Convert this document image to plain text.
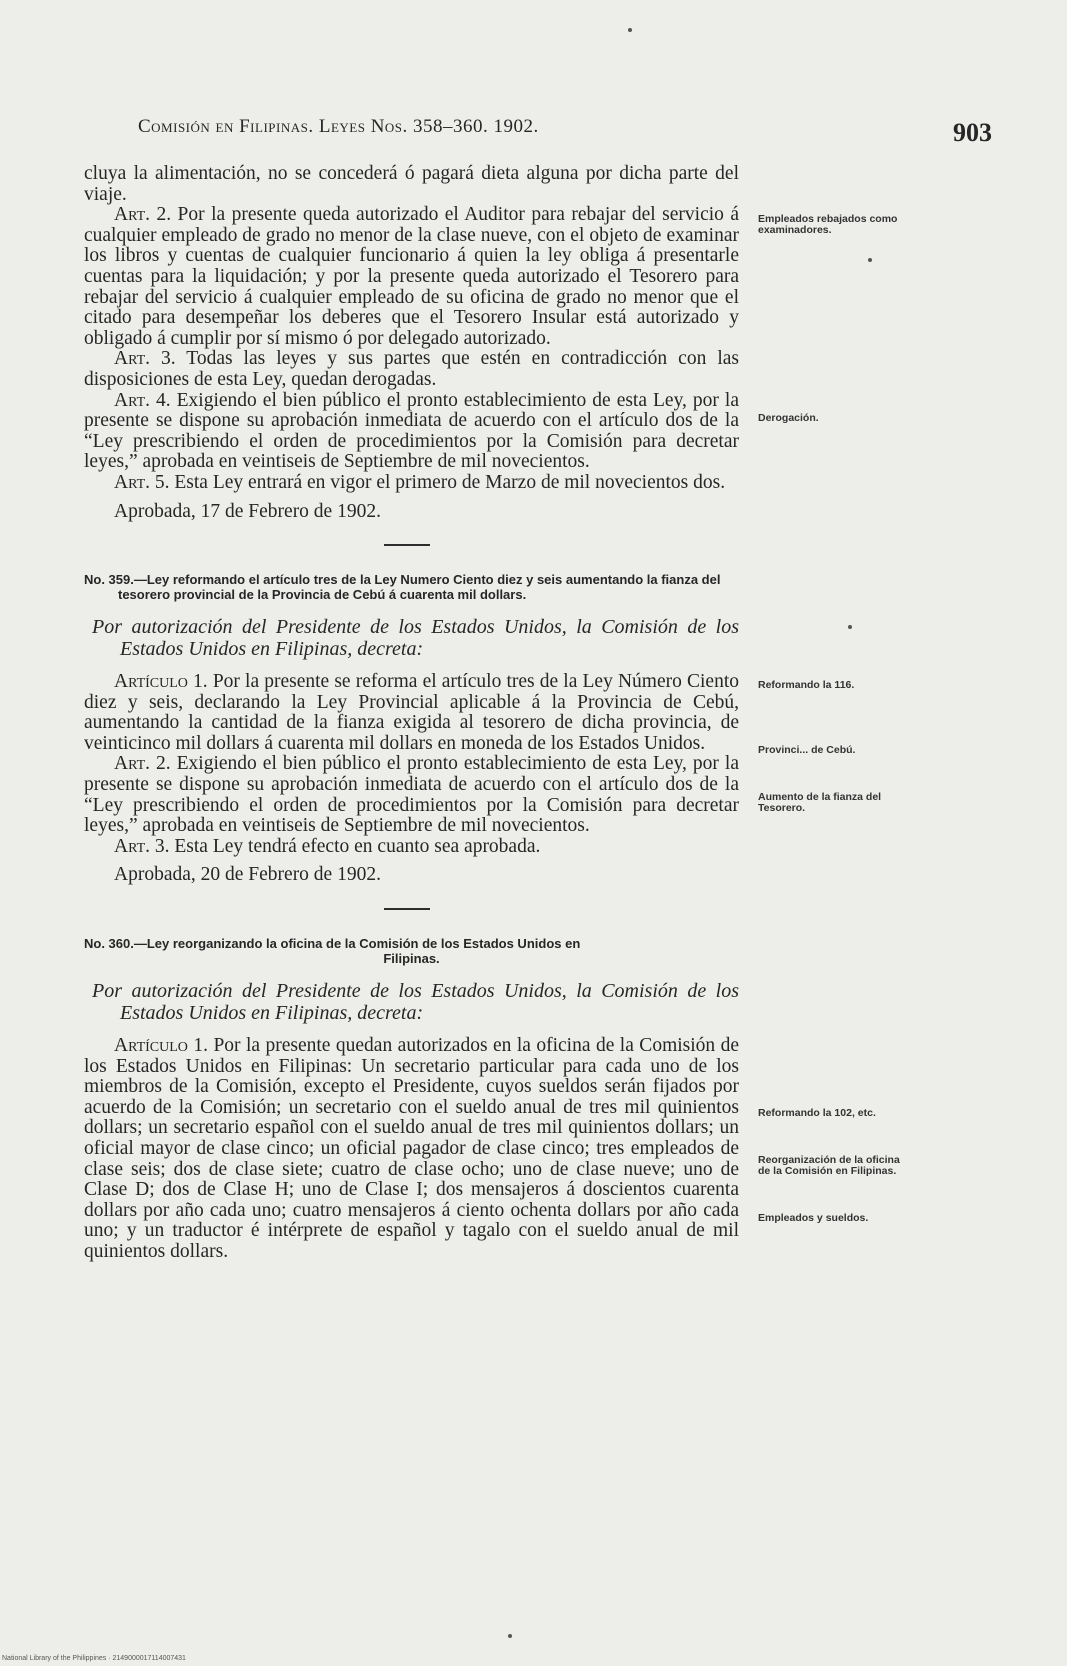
Comisión en Filipinas. Leyes Nos. 358–360. 1902.	903
Empleados rebajados como examinadores.
Derogación.
Reformando la 116.
Provinci... de Cebú.
Aumento de la fianza del Tesorero.
Reformando la 102, etc.
Reorganización de la oficina de la Comisión en Filipinas.
Empleados y sueldos.

cluya la alimentación, no se concederá ó pagará dieta alguna por dicha parte del viaje.

Art. 2. Por la presente queda autorizado el Auditor para rebajar del servicio á cualquier empleado de grado no menor de la clase nueve, con el objeto de examinar los libros y cuentas de cualquier funcionario á quien la ley obliga á presentarle cuentas para la liquidación; y por la presente queda autorizado el Tesorero para rebajar del servicio á cualquier empleado de su oficina de grado no menor que el citado para desempeñar los deberes que el Tesorero Insular está autorizado y obligado á cumplir por sí mismo ó por delegado autorizado.

Art. 3. Todas las leyes y sus partes que estén en contradicción con las disposiciones de esta Ley, quedan derogadas.

Art. 4. Exigiendo el bien público el pronto establecimiento de esta Ley, por la presente se dispone su aprobación inmediata de acuerdo con el artículo dos de la “Ley prescribiendo el orden de procedimientos por la Comisión para decretar leyes,” aprobada en veintiseis de Septiembre de mil novecientos.

Art. 5. Esta Ley entrará en vigor el primero de Marzo de mil novecientos dos.

Aprobada, 17 de Febrero de 1902.

No. 359.—Ley reformando el artículo tres de la Ley Numero Ciento diez y seis aumentando la fianza del tesorero provincial de la Provincia de Cebú á cuarenta mil dollars.

Por autorización del Presidente de los Estados Unidos, la Comisión de los Estados Unidos en Filipinas, decreta:

Artículo 1. Por la presente se reforma el artículo tres de la Ley Número Ciento diez y seis, declarando la Ley Provincial aplicable á la Provincia de Cebú, aumentando la cantidad de la fianza exigida al tesorero de dicha provincia, de veinticinco mil dollars á cuarenta mil dollars en moneda de los Estados Unidos.

Art. 2. Exigiendo el bien público el pronto establecimiento de esta Ley, por la presente se dispone su aprobación inmediata de acuerdo con el artículo dos de la “Ley prescribiendo el orden de procedimientos por la Comisión para decretar leyes,” aprobada en veintiseis de Septiembre de mil novecientos.

Art. 3. Esta Ley tendrá efecto en cuanto sea aprobada.

Aprobada, 20 de Febrero de 1902.

No. 360.—Ley reorganizando la oficina de la Comisión de los Estados Unidos en
Filipinas.

Por autorización del Presidente de los Estados Unidos, la Comisión de los Estados Unidos en Filipinas, decreta:

Artículo 1. Por la presente quedan autorizados en la oficina de la Comisión de los Estados Unidos en Filipinas: Un secretario particular para cada uno de los miembros de la Comisión, excepto el Presidente, cuyos sueldos serán fijados por acuerdo de la Comisión; un secretario con el sueldo anual de tres mil quinientos dollars; un secretario español con el sueldo anual de tres mil quinientos dollars; un oficial mayor de clase cinco; un oficial pagador de clase cinco; tres empleados de clase seis; dos de clase siete; cuatro de clase ocho; uno de clase nueve; uno de Clase D; dos de Clase H; uno de Clase I; dos mensajeros á doscientos cuarenta dollars por año cada uno; cuatro mensajeros á ciento ochenta dollars por año cada uno; y un traductor é intérprete de español y tagalo con el sueldo anual de mil quinientos dollars.

National Library of the Philippines · 2149000017114007431
